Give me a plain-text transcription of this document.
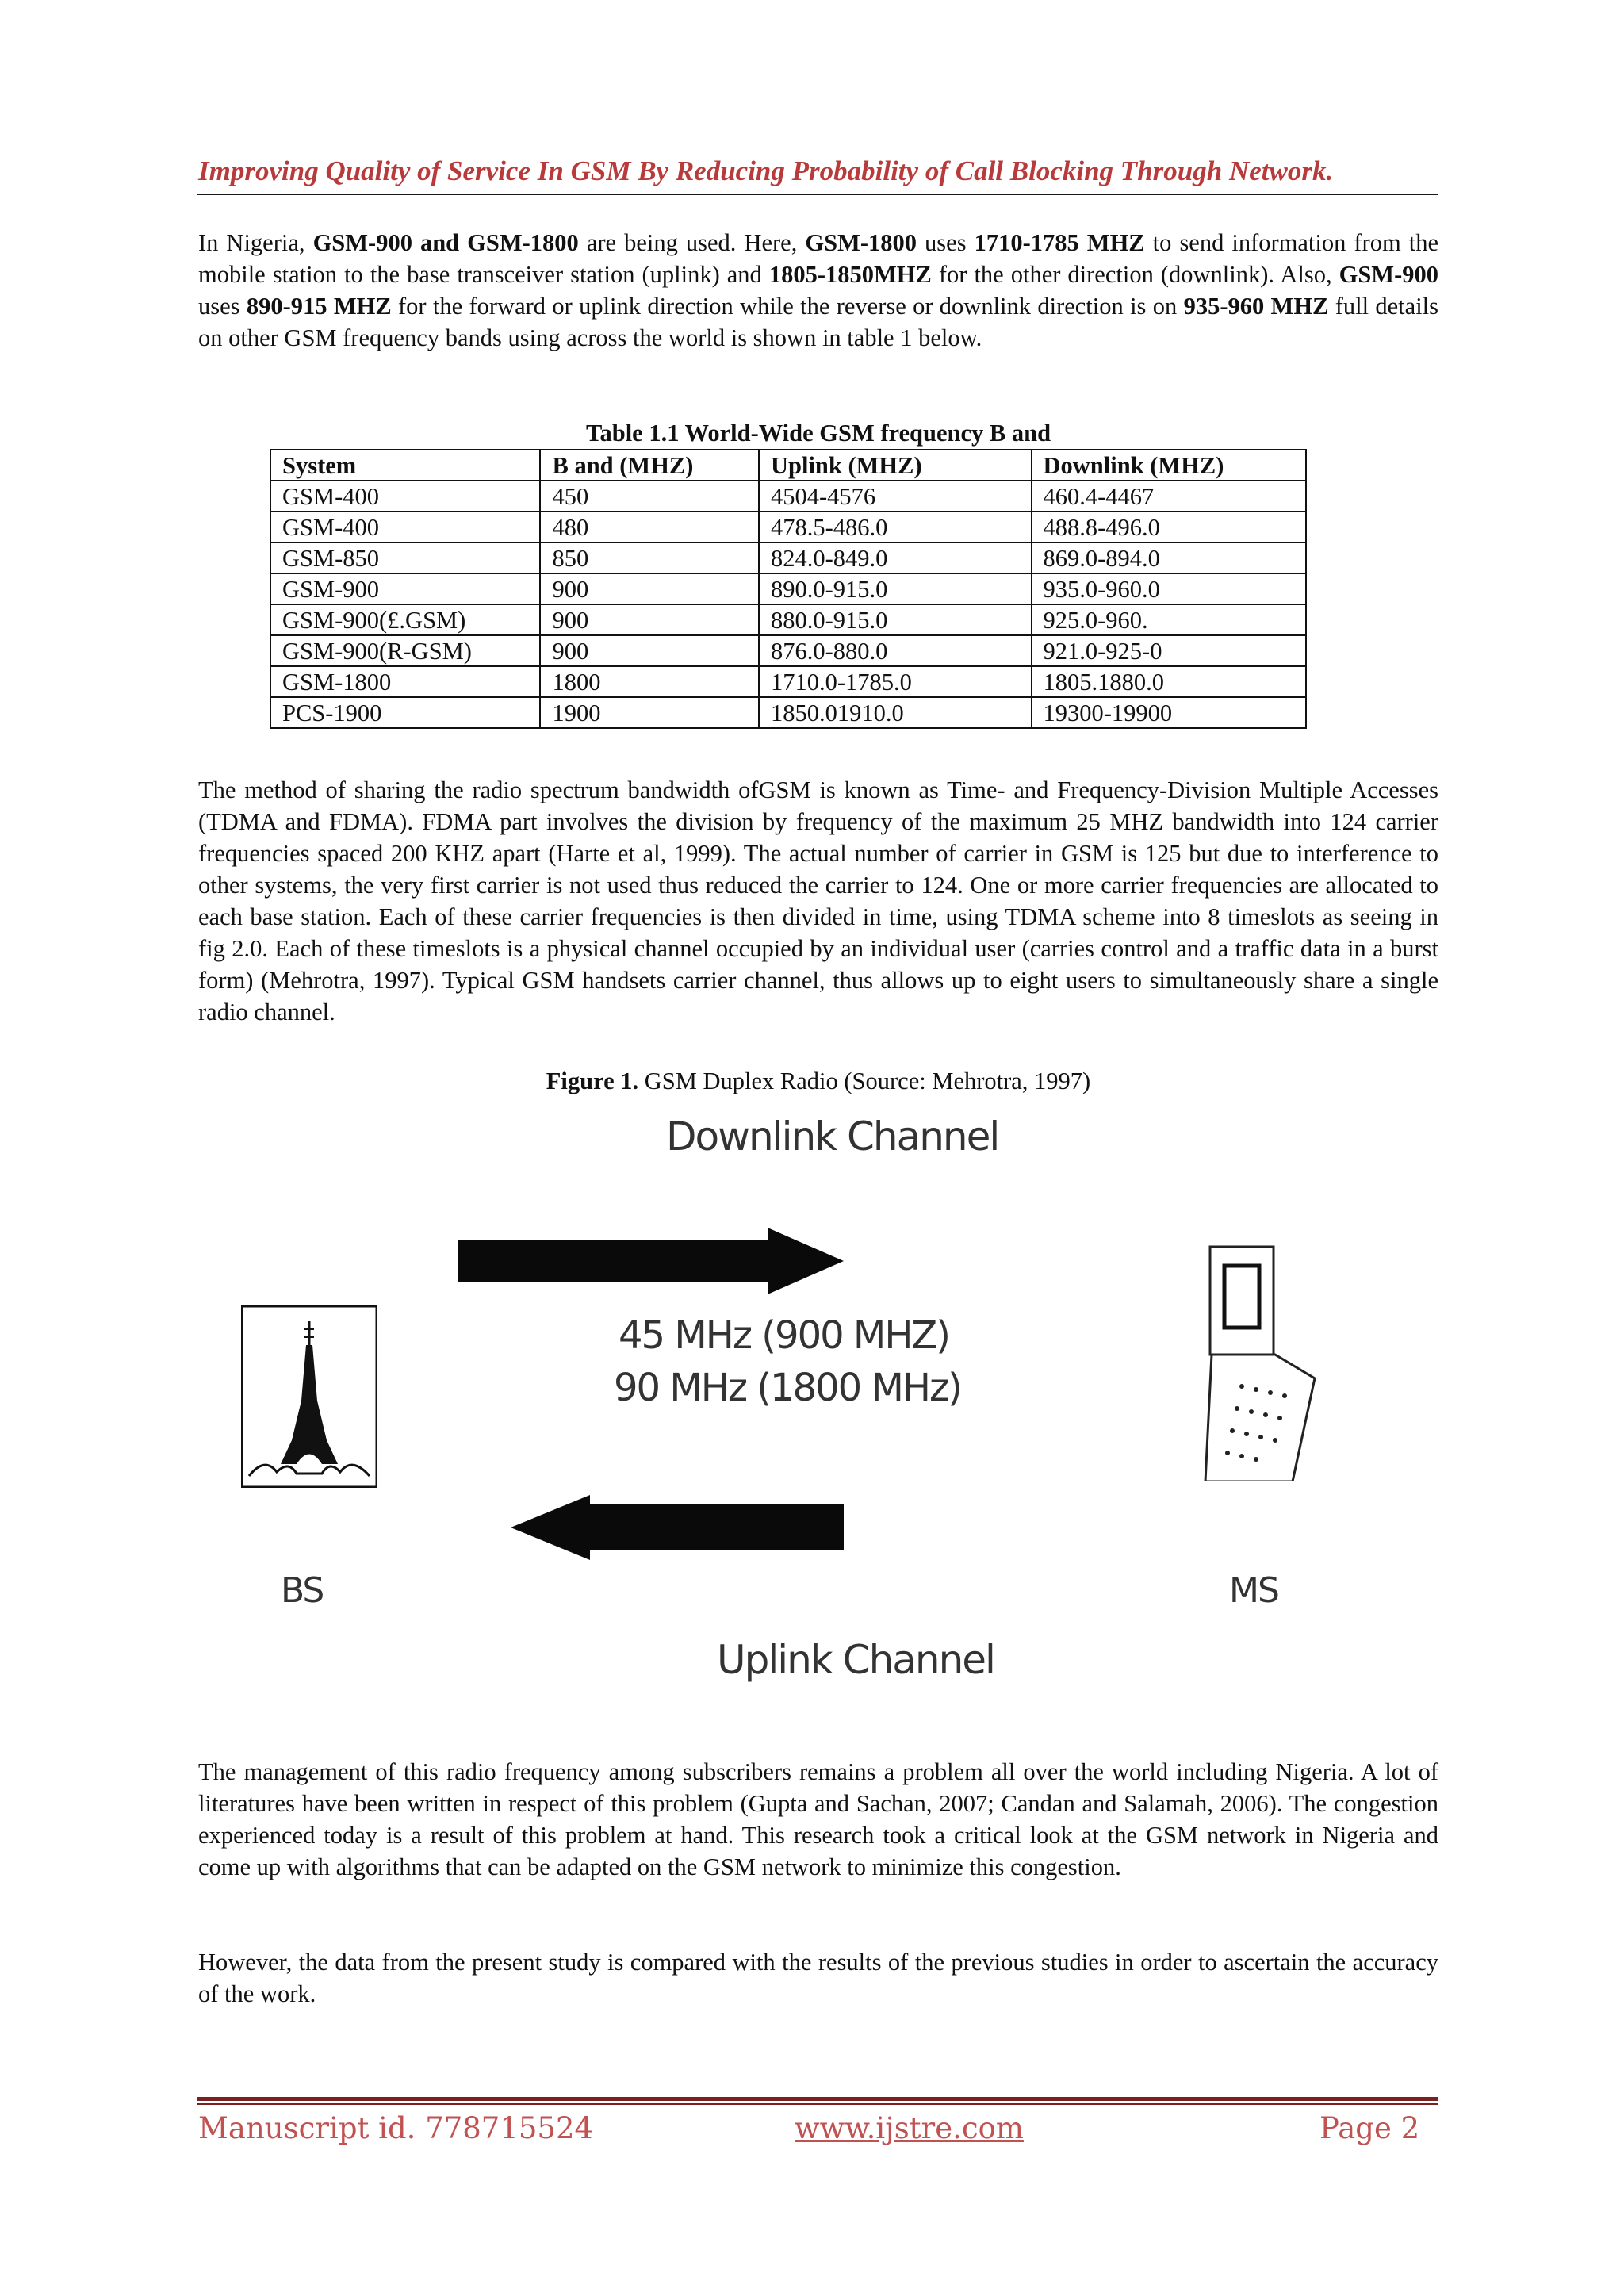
Improving Quality of Service In GSM By Reducing Probability of Call Blocking Through Network.

In Nigeria, GSM-900 and GSM-1800 are being used. Here, GSM-1800 uses 1710-1785 MHZ to send information from the mobile station to the base transceiver station (uplink) and 1805-1850MHZ for the other direction (downlink). Also, GSM-900 uses 890-915 MHZ for the forward or uplink direction while the reverse or downlink direction is on 935-960 MHZ full details on other GSM frequency bands using across the world is shown in table 1 below.

Table 1.1 World-Wide GSM frequency B and
System	B and (MHZ)	Uplink (MHZ)	Downlink (MHZ)
GSM-400	450	4504-4576	460.4-4467
GSM-400	480	478.5-486.0	488.8-496.0
GSM-850	850	824.0-849.0	869.0-894.0
GSM-900	900	890.0-915.0	935.0-960.0
GSM-900(£.GSM)	900	880.0-915.0	925.0-960.
GSM-900(R-GSM)	900	876.0-880.0	921.0-925-0
GSM-1800	1800	1710.0-1785.0	1805.1880.0
PCS-1900	1900	1850.01910.0	19300-19900

The method of sharing the radio spectrum bandwidth ofGSM is known as Time- and Frequency-Division Multiple Accesses (TDMA and FDMA). FDMA part involves the division by frequency of the maximum 25 MHZ bandwidth into 124 carrier frequencies spaced 200 KHZ apart (Harte et al, 1999). The actual number of carrier in GSM is 125 but due to interference to other systems, the very first carrier is not used thus reduced the carrier to 124. One or more carrier frequencies are allocated to each base station. Each of these carrier frequencies is then divided in time, using TDMA scheme into 8 timeslots as seeing in fig 2.0. Each of these timeslots is a physical channel occupied by an individual user (carries control and a traffic data in a burst form) (Mehrotra, 1997). Typical GSM handsets carrier channel, thus allows up to eight users to simultaneously share a single radio channel.

Figure 1. GSM Duplex Radio (Source: Mehrotra, 1997)
Downlink Channel
45 MHz (900 MHZ)
90 MHz (1800 MHz)
BS	MS
Uplink Channel

The management of this radio frequency among subscribers remains a problem all over the world including Nigeria. A lot of literatures have been written in respect of this problem (Gupta and Sachan, 2007; Candan and Salamah, 2006). The congestion experienced today is a result of this problem at hand. This research took a critical look at the GSM network in Nigeria and come up with algorithms that can be adapted on the GSM network to minimize this congestion.

However, the data from the present study is compared with the results of the previous studies in order to ascertain the accuracy of the work.

Manuscript id. 778715524	www.ijstre.com	Page 2
